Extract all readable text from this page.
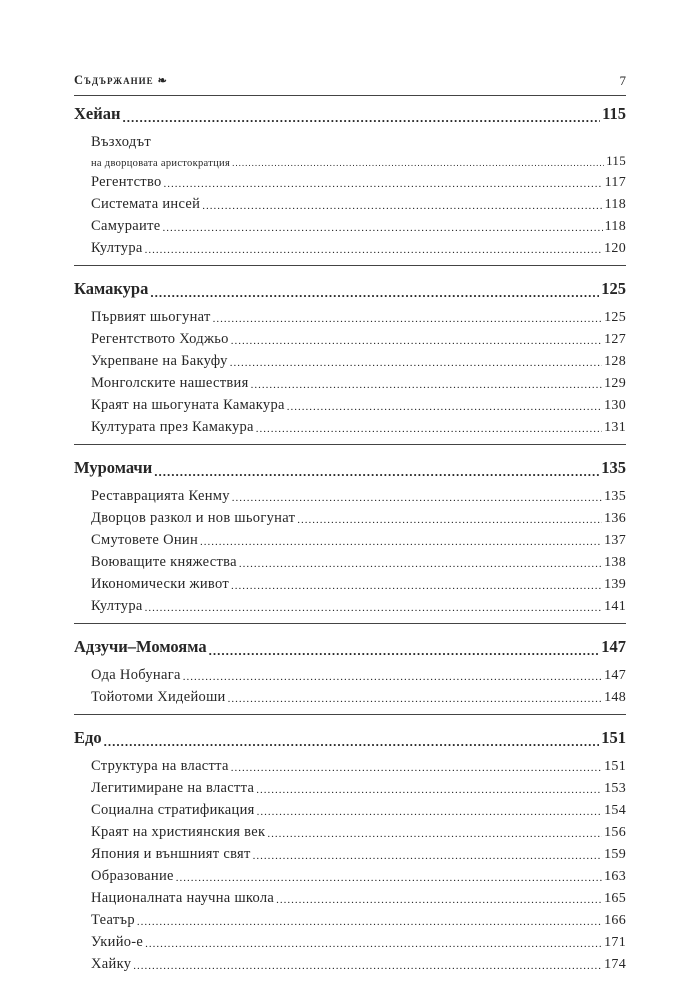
Съдържание ❧	7
Хейан .....	115
Възходът
на дворцовата аристократция .....	115
Регентство .....	117
Системата инсей .....	118
Самураите .....	118
Култура .....	120
Камакура .....	125
Първият шьогунат .....	125
Регентството Ходжьо .....	127
Укрепване на Бакуфу .....	128
Монголските нашествия .....	129
Краят на шьогуната Камакура .....	130
Културата през Камакура .....	131
Муромачи .....	135
Реставрацията Кенму .....	135
Дворцов разкол и нов шьогунат .....	136
Смутовете Онин .....	137
Воюващите княжества .....	138
Икономически живот .....	139
Култура .....	141
Адзучи–Момояма .....	147
Ода Нобунага .....	147
Тойотоми Хидейоши .....	148
Едо .....	151
Структура на властта .....	151
Легитимиране на властта .....	153
Социална стратификация .....	154
Краят на християнския век .....	156
Япония и външният свят .....	159
Образование .....	163
Националната научна школа .....	165
Театър .....	166
Укийо-е .....	171
Хайку .....	174
